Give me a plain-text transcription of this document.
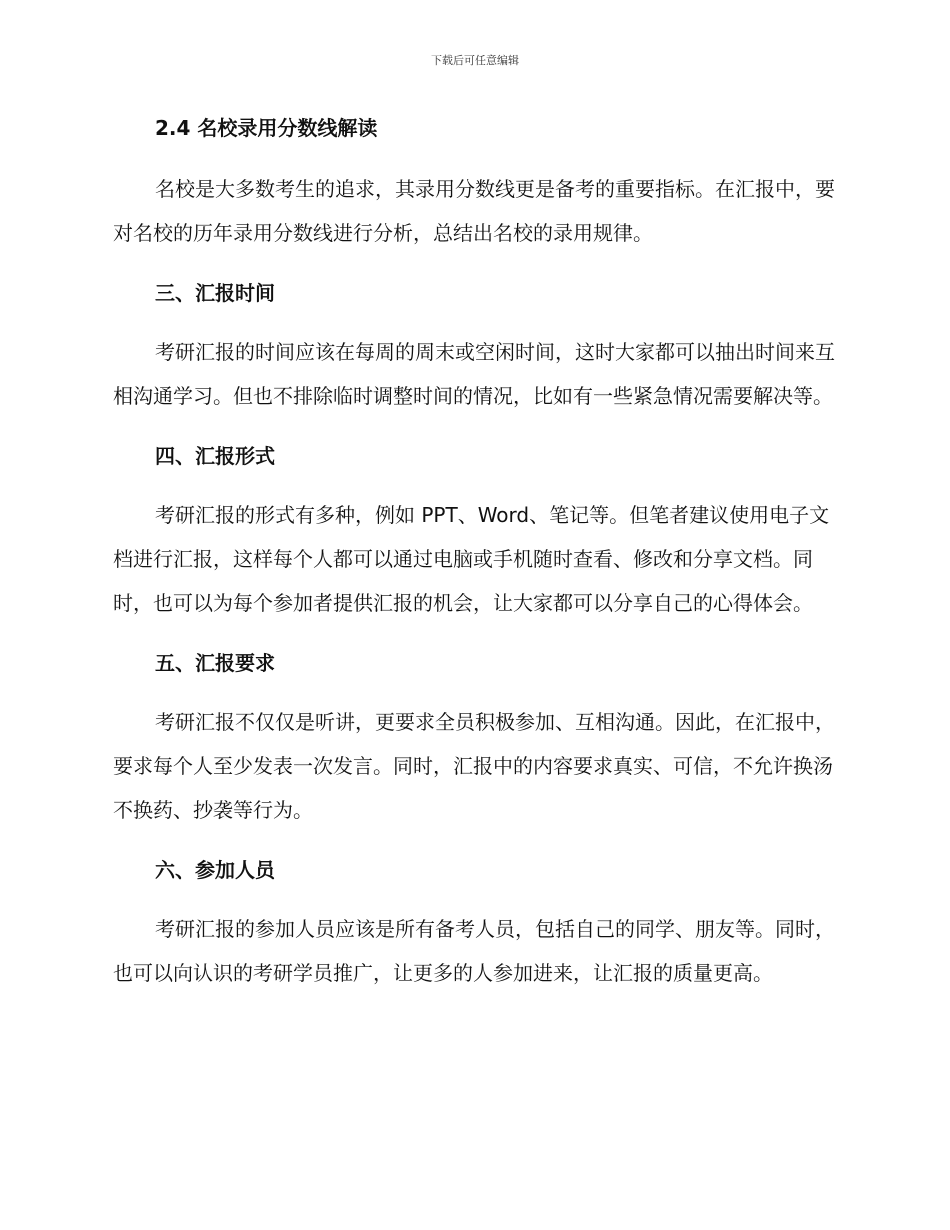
下载后可任意编辑
2.4 名校录用分数线解读
名校是大多数考生的追求，其录用分数线更是备考的重要指标。在汇报中，要对名校的历年录用分数线进行分析，总结出名校的录用规律。
三、汇报时间
考研汇报的时间应该在每周的周末或空闲时间，这时大家都可以抽出时间来互相沟通学习。但也不排除临时调整时间的情况，比如有一些紧急情况需要解决等。
四、汇报形式
考研汇报的形式有多种，例如 PPT、Word、笔记等。但笔者建议使用电子文档进行汇报，这样每个人都可以通过电脑或手机随时查看、修改和分享文档。同时，也可以为每个参加者提供汇报的机会，让大家都可以分享自己的心得体会。
五、汇报要求
考研汇报不仅仅是听讲，更要求全员积极参加、互相沟通。因此，在汇报中，要求每个人至少发表一次发言。同时，汇报中的内容要求真实、可信，不允许换汤不换药、抄袭等行为。
六、参加人员
考研汇报的参加人员应该是所有备考人员，包括自己的同学、朋友等。同时，也可以向认识的考研学员推广，让更多的人参加进来，让汇报的质量更高。
